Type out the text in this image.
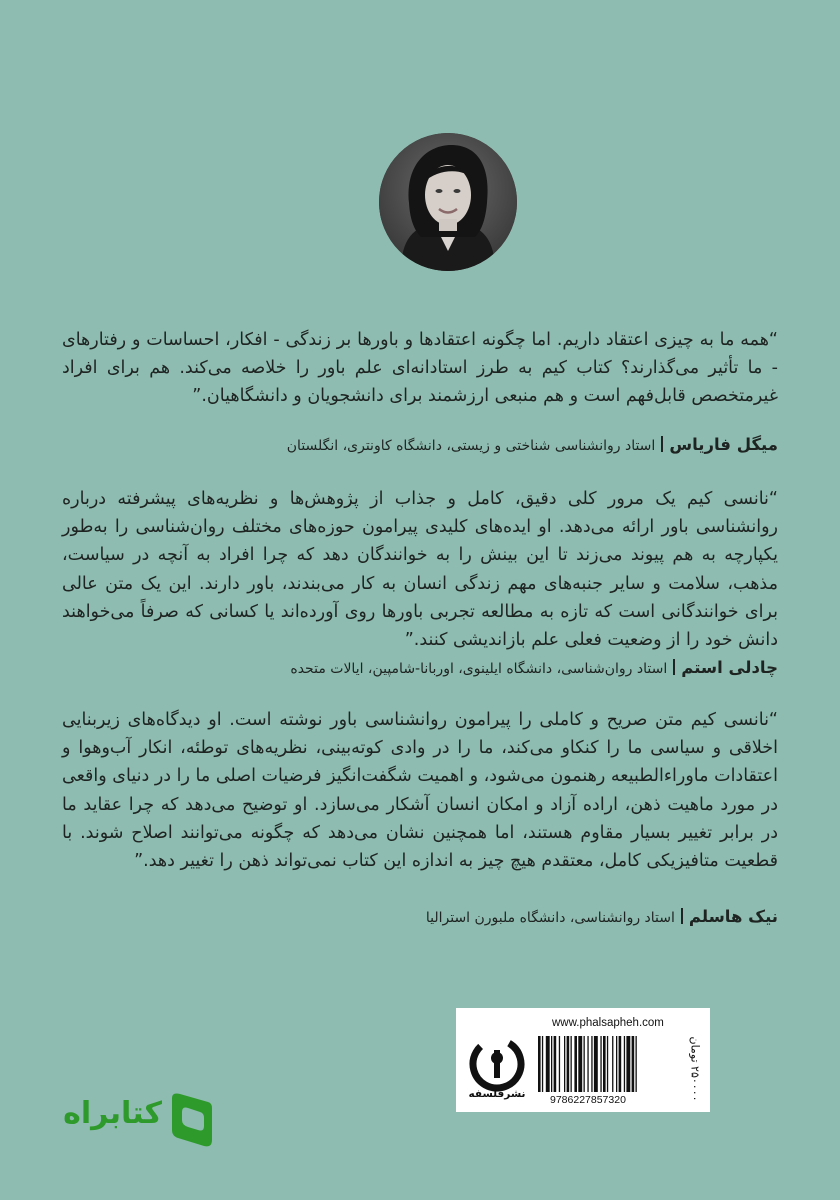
“همه ما به چیزی اعتقاد داریم. اما چگونه اعتقادها و باورها بر زندگی - افکار، احساسات و رفتارهای - ما تأثیر می‌گذارند؟ کتاب کیم به طرز استادانه‌ای علم باور را خلاصه می‌کند. هم برای افراد غیرمتخصص قابل‌فهم است و هم منبعی ارزشمند برای دانشجویان و دانشگاهیان.”

میگل فاریاساستاد روانشناسی شناختی و زیستی، دانشگاه کاونتری، انگلستان

“نانسی کیم یک مرور کلی دقیق، کامل و جذاب از پژوهش‌ها و نظریه‌های پیشرفته درباره روانشناسی باور ارائه می‌دهد. او ایده‌های کلیدی پیرامون حوزه‌های مختلف روان‌شناسی را به‌طور یکپارچه به هم پیوند می‌زند تا این بینش را به خوانندگان دهد که چرا افراد به آنچه در سیاست، مذهب، سلامت و سایر جنبه‌های مهم زندگی انسان به کار می‌بندند، باور دارند. این یک متن عالی برای خوانندگانی است که تازه به مطالعه تجربی باورها روی آورده‌اند یا کسانی که صرفاً می‌خواهند دانش خود را از وضعیت فعلی علم بازاندیشی کنند.”

چادلی استماستاد روان‌شناسی، دانشگاه ایلینوی، اوربانا-شامپین، ایالات متحده

“نانسی کیم متن صریح و کاملی را پیرامون روانشناسی باور نوشته است. او دیدگاه‌های زیربنایی اخلاقی و سیاسی ما را کنکاو می‌کند، ما را در وادی کوته‌بینی، نظریه‌های توطئه، انکار آب‌وهوا و اعتقادات ماوراءالطبیعه رهنمون می‌شود، و اهمیت شگفت‌انگیز فرضیات اصلی ما را در دنیای واقعی در مورد ماهیت ذهن، اراده آزاد و امکان انسان آشکار می‌سازد. او توضیح می‌دهد که چرا عقاید ما در برابر تغییر بسیار مقاوم هستند، اما همچنین نشان می‌دهد که چگونه می‌توانند اصلاح شوند. با قطعیت متافیزیکی کامل، معتقدم هیچ چیز به اندازه این کتاب نمی‌تواند ذهن را تغییر دهد.”

نیک هاسلماستاد روانشناسی، دانشگاه ملبورن استرالیا
نشرفلسفه
www.phalsapheh.com
9786227857320
۲۵۰۰۰۰ تومان
کتابراه
